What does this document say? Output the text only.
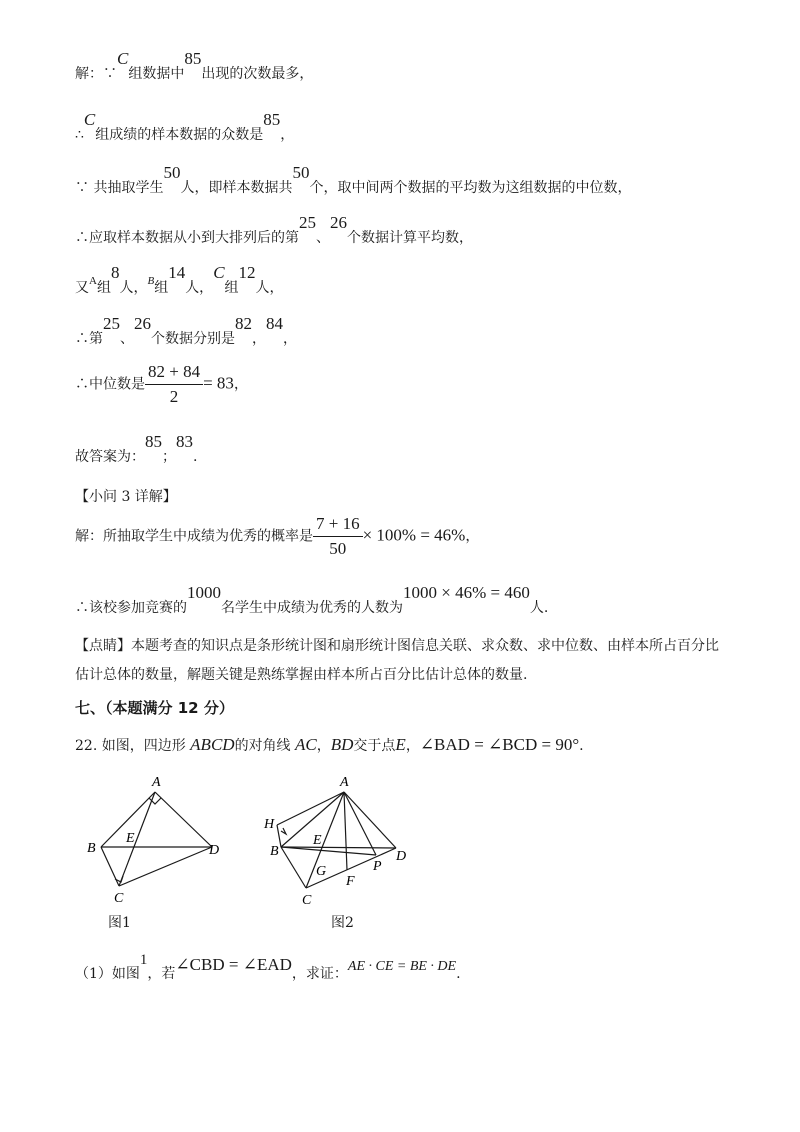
解：∵C组数据中85出现的次数最多，
∴C组成绩的样本数据的众数是85，
∵ 共抽取学生50人，即样本数据共50个，取中间两个数据的平均数为这组数据的中位数，
∴应取样本数据从小到大排列后的第25、26个数据计算平均数，
又$^A$组8人，$^B$组14人，C组12人，
∴第25、26个数据分别是82，84，
∴中位数是 $\frac{82 + 84}{2} = 83$，
故答案为：85；83.
【小问 3 详解】
解：所抽取学生中成绩为优秀的概率是 $\frac{7 + 16}{50} \times 100\% = 46\%$，
∴该校参加竞赛的1000名学生中成绩为优秀的人数为1000 × 46% = 460人.
【点睛】本题考查的知识点是条形统计图和扇形统计图信息关联、求众数、求中位数、由样本所占百分比估计总体的数量，解题关键是熟练掌握由样本所占百分比估计总体的数量.
七、（本题满分 12 分）
22. 如图，四边形 ABCD的对角线 AC，BD交于点E，∠BAD = ∠BCD = 90°.
A
B
C
D
E
图1
A
B
C
D
E
F
G
H
P
图2
（1）如图1，若∠CBD = ∠EAD，求证：AE · CE = BE · DE.
